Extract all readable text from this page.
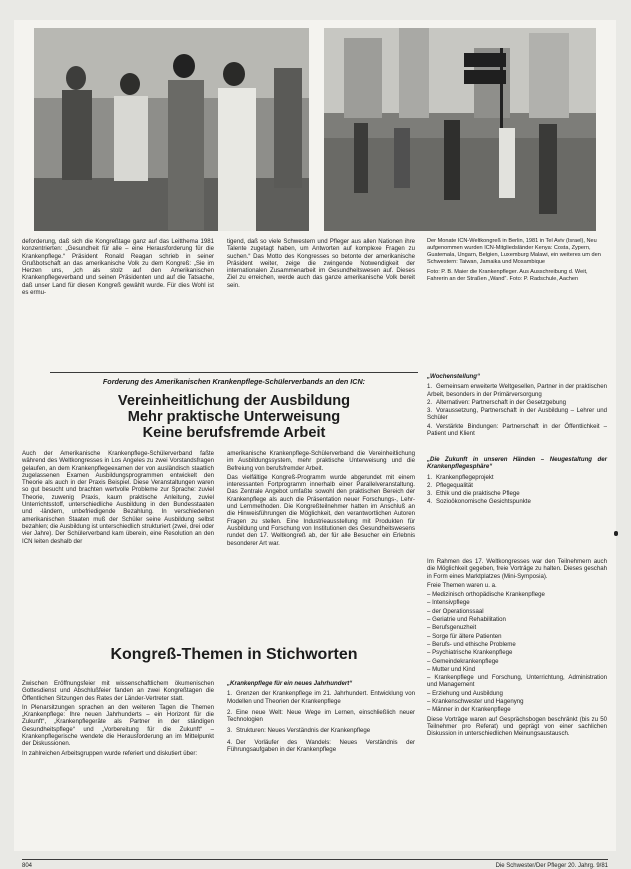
deforderung, daß sich die Kongreßtage ganz auf das Leitthema 1981 konzentrierten: „Gesundheit für alle – eine Herausforderung für die Krankenpflege.“ Präsident Ronald Reagan schrieb in seiner Grußbotschaft an das amerikanische Volk zu dem Kongreß: „Sie im Herzen uns, „ich als stolz auf den Amerikanischen Krankenpflegeverband und seinen Präsidenten und auf die Tatsache, daß unser Land für diesen Kongreß gewählt wurde. Für dies Wohl ist es ermu-

tigend, daß so viele Schwestern und Pfleger aus allen Nationen ihre Talente zugetagt haben, um Antworten auf komplexe Fragen zu suchen.“ Das Motto des Kongresses so betonte der amerikanische Präsident weiter, zeige die zwingende Notwendigkeit der internationalen Zusammenarbeit im Gesundheitswesen auf. Dieses Ziel zu erreichen, werde auch das ganze amerikanische Volk bereit sein.

Der Monate ICN-Weltkongreß in Berlin, 1981 in Tel Aviv (Israel), Neu aufgenommen wurden ICN-Mitgliedsländer Kenya: Costa, Zypern, Guatemala, Ungarn, Belgien, Luxemburg Malawi, ein weiteres um den Schwestern: Taiwan, Jamaika und Mosambique

Foto: P. B. Maier die Krankenpfleger. Aus Ausschreibung d. Weit, Fahrerin an der Straßen „Wand“. Foto: P. Radschule, Aachen

Forderung des Amerikanischen Krankenpflege-Schülerverbands an den ICN:
Vereinheitlichung der Ausbildung
Mehr praktische Unterweisung
Keine berufsfremde Arbeit

Auch der Amerikanische Krankenpflege-Schülerverband faßte während des Weltkongresses in Los Angeles zu zwei Vorstandsfragen gelaufen, an dem Krankenpflegeexamen der von ausländisch staatlich zugelassenen Examen Ausbildungsprogrammen entwickelt den Theorie als auch in der Praxis Beispiel. Diese Veranstaltungen waren so gut besucht und brachten wertvolle Probleme zur Sprache: zuviel Theorie, zuwenig Praxis, kaum praktische Anleitung, zuviel Unterrichtsstoff, unterschiedliche Ausbildung in den Bundesstaaten und -ländern, unbefriedigende Bezahlung. In verschiedenen amerikanischen Staaten muß der Schüler seine Ausbildung selbst bezahlen; die Ausbildung ist unterschiedlich strukturiert (zwei, drei oder vier Jahre). Der Schülerverband kam überein, eine Resolution an den ICN leiten deshalb der

amerikanische Krankenpflege-Schülerverband die Vereinheitlichung im Ausbildungssystem, mehr praktische Unterweisung und die Befreiung von berufsfremder Arbeit.

Das vielfältige Kongreß-Programm wurde abgerundet mit einem interessanten Fortprogramm innerhalb einer Parallelveranstaltung. Das Zentrale Angebot umfaßte sowohl den praktischen Bereich der Krankenpflege als auch die Präsentation neuer Forschungs-, Lehr- und Lernmethoden. Die Kongreßteilnehmer hatten im Anschluß an die Hinweisführungen die Möglichkeit, den verantwortlichen Autoren Fragen zu stellen. Eine Industrieausstellung mit Produkten für Ausbildung und Forschung von Institutionen des Gesundheitswesens rundet den 17. Weltkongreß ab, der für alle Besucher ein Erlebnis besonderer Art war.

„Wochenstellung“
1. Gemeinsam erweiterte Weltgesellen, Partner in der praktischen Arbeit, besonders in der Primärversorgung
2. Alternativen: Partnerschaft in der Gesetzgebung
3. Voraussetzung, Partnerschaft in der Ausbildung – Lehrer und Schüler
4. Verstärkte Bindungen: Partnerschaft in der Öffentlichkeit – Patient und Klient
„Die Zukunft in unseren Händen – Neugestaltung der Krankenpflegesphäre“
1. Krankenpflegeprojekt
2. Pflegequalität
3. Ethik und die praktische Pflege
4. Sozioökonomische Gesichtspunkte

Im Rahmen des 17. Weltkongresses war den Teilnehmern auch die Möglichkeit gegeben, freie Vorträge zu halten. Dieses geschah in Form eines Marktplatzes (Mini-Symposia).

Freie Themen waren u. a.

– Medizinisch orthopädische Krankenpflege
– Intensivpflege
– der Operationssaal
– Geriatrie und Rehabilitation
– Berufsgenuzheit
– Sorge für ältere Patienten
– Berufs- und ethische Probleme
– Psychiatrische Krankenpflege
– Gemeindekrankenpflege
– Mutter und Kind
– Krankenpflege und Forschung, Unterrichtung, Administration und Management
– Erziehung und Ausbildung
– Krankenschwester und Hagenyng
– Männer in der Krankenpflege

Diese Vorträge waren auf Gesprächsbogen beschränkt (bis zu 50 Teilnehmer pro Referat) und geprägt von einer sachlichen Diskussion in unterschiedlichen Meinungsaustausch.

Kongreß-Themen in Stichworten

Zwischen Eröffnungsfeier mit wissenschaftlichem ökumenischen Gottesdienst und Abschlußfeier fanden an zwei Kongreßtagen die Öffentlichen Sitzungen des Rates der Länder-Vertreter statt.

In Plenarsitzungen sprachen an den weiteren Tagen die Themen „Krankenpflege: Ihre neuen Jahrhunderts – ein Horizont für die Zukunft“, „Krankenpflegeräte als Partner in der ständigen Gesundheitspflege“ und „Vorbereitung für die Zukunft“ – Krankenpflegerische wendete die Herausforderung an im Mittelpunkt der Diskussionen.

In zahlreichen Arbeitsgruppen wurde referiert und diskutiert über:

„Krankenpflege für ein neues Jahrhundert“
1. Grenzen der Krankenpflege im 21. Jahrhundert. Entwicklung von Modellen und Theorien der Krankenpflege
2. Eine neue Welt: Neue Wege im Lernen, einschließlich neuer Technologien
3. Strukturen: Neues Verständnis der Krankenpflege
4. Der Vorläufer des Wandels: Neues Verständnis der Führungsaufgaben in der Krankenpflege
804	Die Schwester/Der Pfleger 20. Jahrg. 9/81
